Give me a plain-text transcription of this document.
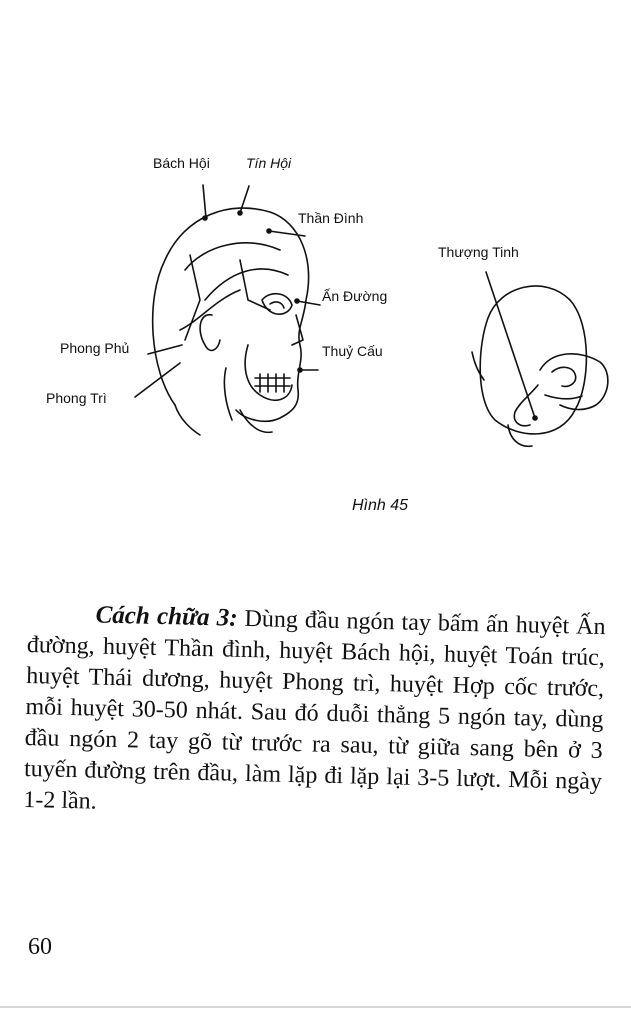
Bách Hội	Tín Hội
Thần Đình
Thượng Tinh
Ấn Đường
Phong Phủ	Thuỷ Cấu
Phong Trì
Hình 45
Cách chữa 3: Dùng đầu ngón tay bấm ấn huyệt Ấn đường, huyệt Thần đình, huyệt Bách hội, huyệt Toán trúc, huyệt Thái dương, huyệt Phong trì, huyệt Hợp cốc trước, mỗi huyệt 30-50 nhát. Sau đó duỗi thẳng 5 ngón tay, dùng đầu ngón 2 tay gõ từ trước ra sau, từ giữa sang bên ở 3 tuyến đường trên đầu, làm lặp đi lặp lại 3-5 lượt. Mỗi ngày 1-2 lần.
60
